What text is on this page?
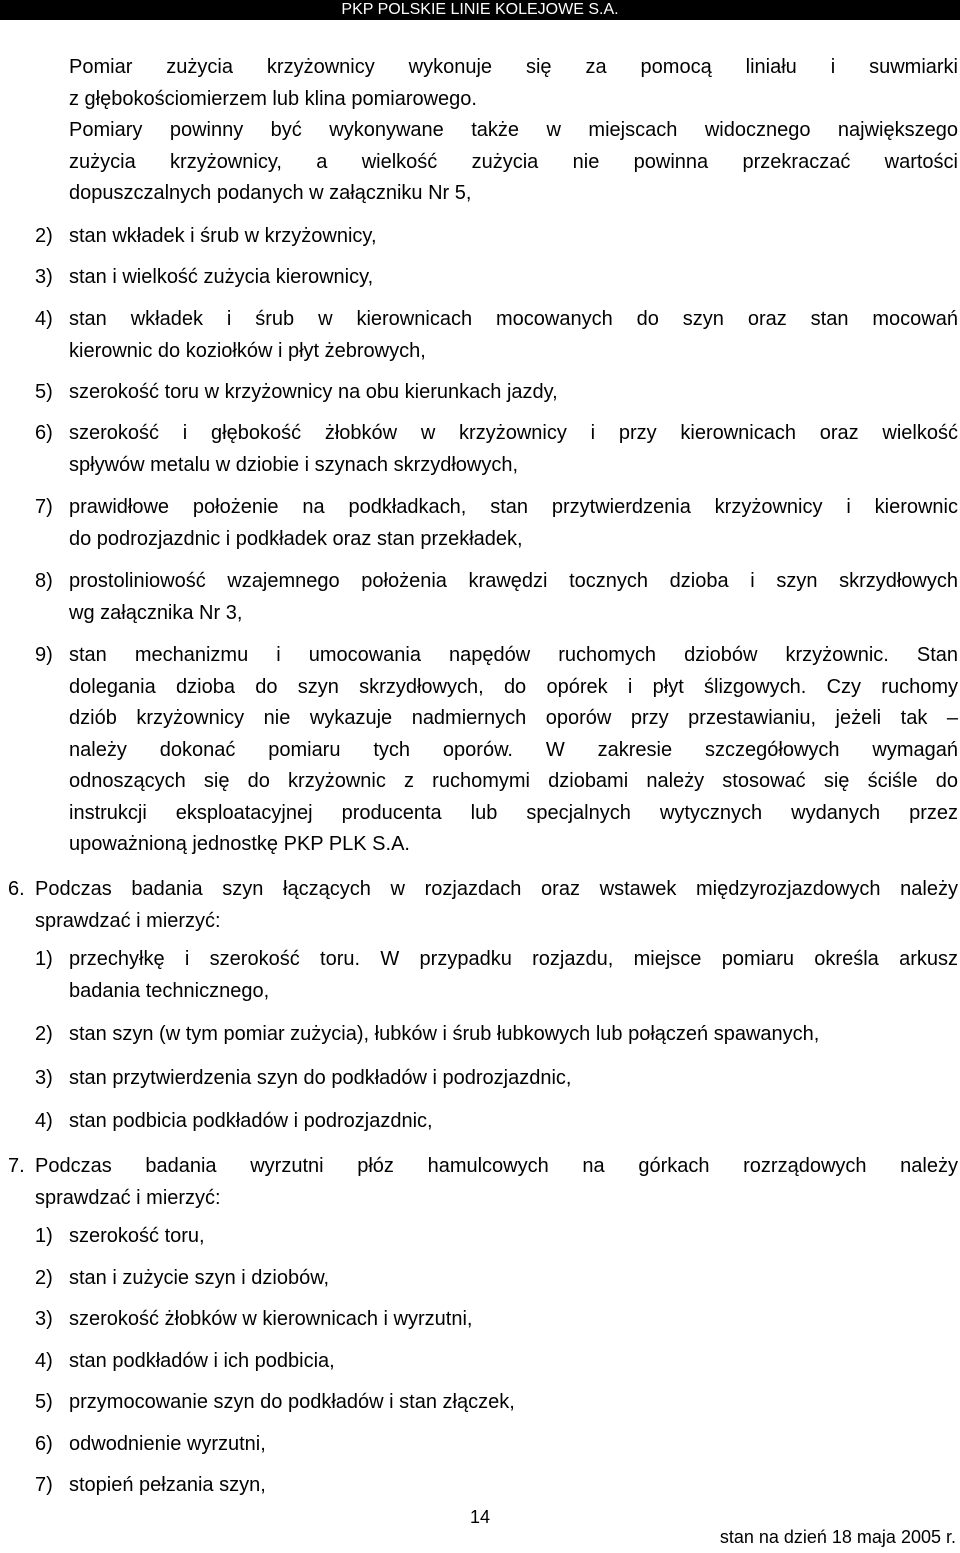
PKP POLSKIE LINIE KOLEJOWE S.A.
Pomiar zużycia krzyżownicy wykonuje się za pomocą liniału i suwmiarki
z głębokościomierzem lub klina pomiarowego.
Pomiary powinny być wykonywane także w miejscach widocznego największego
zużycia krzyżownicy, a wielkość zużycia nie powinna przekraczać wartości
dopuszczalnych podanych w załączniku Nr 5,
2) stan wkładek i śrub w krzyżownicy,
3) stan i wielkość zużycia kierownicy,
4) stan wkładek i śrub w kierownicach mocowanych do szyn oraz stan mocowań
kierownic do koziołków i płyt żebrowych,
5) szerokość toru w krzyżownicy na obu kierunkach jazdy,
6) szerokość i głębokość żłobków w krzyżownicy i przy kierownicach oraz wielkość
spływów metalu w dziobie i szynach skrzydłowych,
7) prawidłowe położenie na podkładkach, stan przytwierdzenia krzyżownicy i kierownic
do podrozjazdnic i podkładek oraz stan przekładek,
8) prostoliniowość wzajemnego położenia krawędzi tocznych dzioba i szyn skrzydłowych
wg załącznika Nr 3,
9) stan mechanizmu i umocowania napędów ruchomych dziobów krzyżownic. Stan
dolegania dzioba do szyn skrzydłowych, do opórek i płyt ślizgowych. Czy ruchomy
dziób krzyżownicy nie wykazuje nadmiernych oporów przy przestawianiu, jeżeli tak –
należy dokonać pomiaru tych oporów. W zakresie szczegółowych wymagań
odnoszących się do krzyżownic z ruchomymi dziobami należy stosować się ściśle do
instrukcji eksploatacyjnej producenta lub specjalnych wytycznych wydanych przez
upoważnioną jednostkę PKP PLK S.A.
6. Podczas badania szyn łączących w rozjazdach oraz wstawek międzyrozjazdowych należy
sprawdzać i mierzyć:
1) przechyłkę i szerokość toru. W przypadku rozjazdu, miejsce pomiaru określa arkusz
badania technicznego,
2) stan szyn (w tym pomiar zużycia), łubków i śrub łubkowych lub połączeń spawanych,
3) stan przytwierdzenia szyn do podkładów i podrozjazdnic,
4) stan podbicia podkładów i podrozjazdnic,
7. Podczas badania wyrzutni płóz hamulcowych na górkach rozrządowych należy
sprawdzać i mierzyć:
1) szerokość toru,
2) stan i zużycie szyn i dziobów,
3) szerokość żłobków w kierownicach i wyrzutni,
4) stan podkładów i ich podbicia,
5) przymocowanie szyn do podkładów i stan złączek,
6) odwodnienie wyrzutni,
7) stopień pełzania szyn,
14
stan na dzień 18 maja 2005 r.
